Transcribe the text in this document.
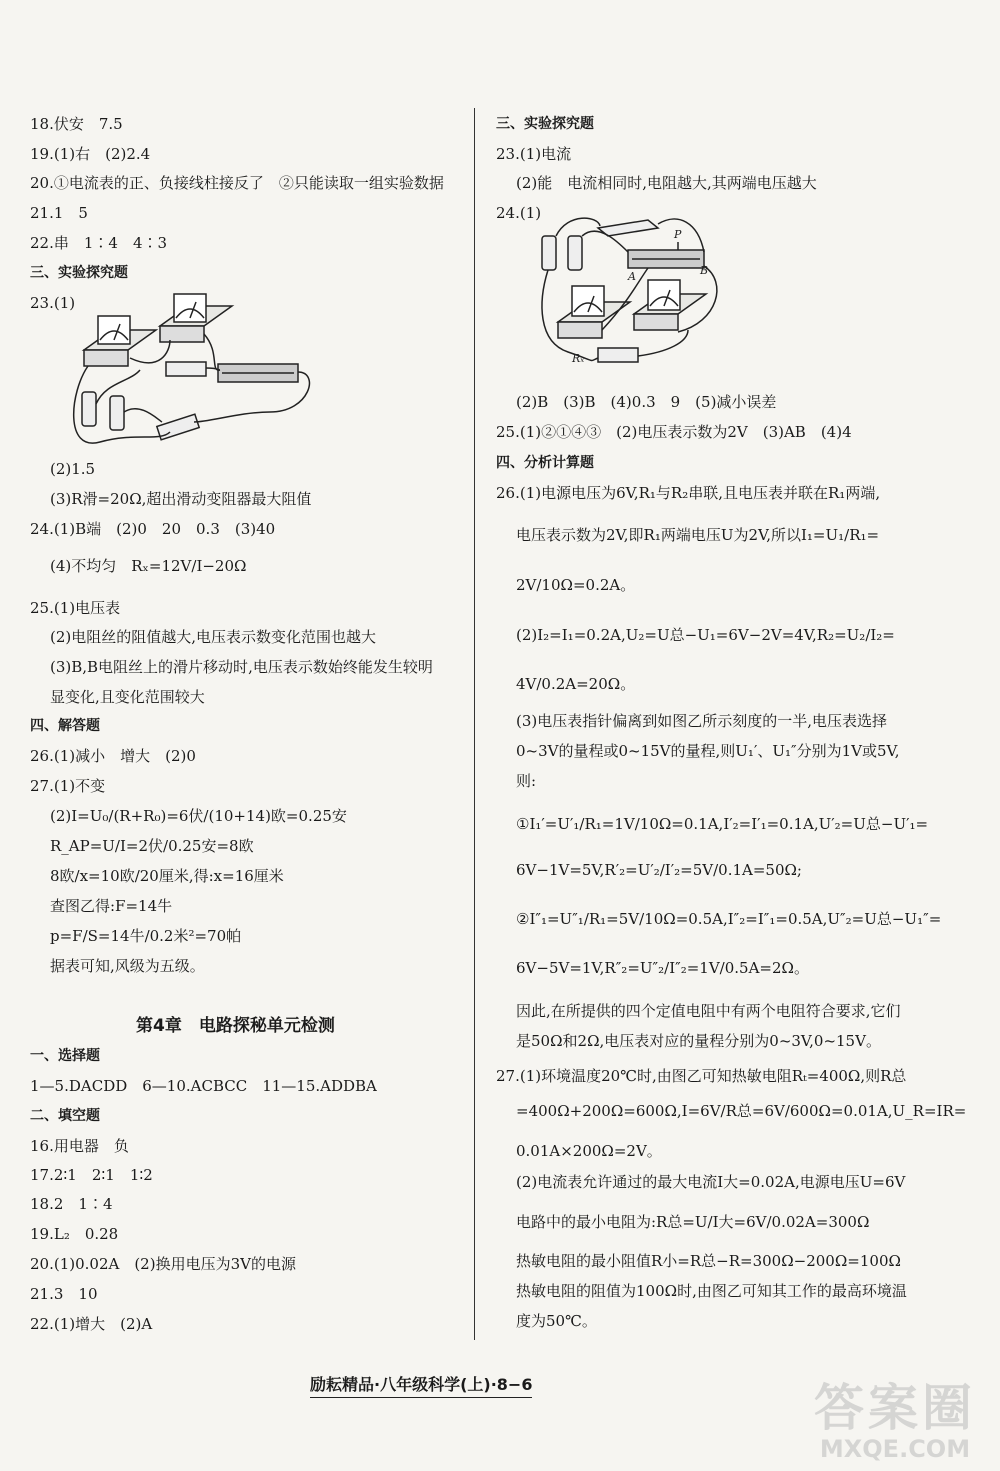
18.伏安　7.5
19.(1)右　(2)2.4
20.①电流表的正、负接线柱接反了　②只能读取一组实验数据
21.1　5
22.串　1∶4　4∶3
三、实验探究题
23.(1)
(2)1.5
(3)R滑=20Ω,超出滑动变阻器最大阻值
24.(1)B端　(2)0　20　0.3　(3)40
(4)不均匀　Rₓ=12V/I−20Ω
25.(1)电压表
(2)电阻丝的阻值越大,电压表示数变化范围也越大
(3)B,B电阻丝上的滑片移动时,电压表示数始终能发生较明
显变化,且变化范围较大
四、解答题
26.(1)减小　增大　(2)0
27.(1)不变
(2)I=U₀/(R+R₀)=6伏/(10+14)欧=0.25安
R_AP=U/I=2伏/0.25安=8欧
8欧/x=10欧/20厘米,得:x=16厘米
查图乙得:F=14牛
p=F/S=14牛/0.2米²=70帕
据表可知,风级为五级。
第4章　电路探秘单元检测
一、选择题
1—5.DACDD　6—10.ACBCC　11—15.ADDBA
二、填空题
16.用电器　负
17.2∶1　2∶1　1∶2
18.2　1∶4
19.L₂　0.28
20.(1)0.02A　(2)换用电压为3V的电源
21.3　10
22.(1)增大　(2)A
三、实验探究题
23.(1)电流
(2)能　电流相同时,电阻越大,其两端电压越大
24.(1)
P
A	B
Rₓ
(2)B　(3)B　(4)0.3　9　(5)减小误差
25.(1)②①④③　(2)电压表示数为2V　(3)AB　(4)4
四、分析计算题
26.(1)电源电压为6V,R₁与R₂串联,且电压表并联在R₁两端,
电压表示数为2V,即R₁两端电压U为2V,所以I₁=U₁/R₁=
2V/10Ω=0.2A。
(2)I₂=I₁=0.2A,U₂=U总−U₁=6V−2V=4V,R₂=U₂/I₂=
4V/0.2A=20Ω。
(3)电压表指针偏离到如图乙所示刻度的一半,电压表选择
0~3V的量程或0~15V的量程,则U₁′、U₁″分别为1V或5V,
则:
①I₁′=U′₁/R₁=1V/10Ω=0.1A,I′₂=I′₁=0.1A,U′₂=U总−U′₁=
6V−1V=5V,R′₂=U′₂/I′₂=5V/0.1A=50Ω;
②I″₁=U″₁/R₁=5V/10Ω=0.5A,I″₂=I″₁=0.5A,U″₂=U总−U₁″=
6V−5V=1V,R″₂=U″₂/I″₂=1V/0.5A=2Ω。
因此,在所提供的四个定值电阻中有两个电阻符合要求,它们
是50Ω和2Ω,电压表对应的量程分别为0~3V,0~15V。
27.(1)环境温度20℃时,由图乙可知热敏电阻Rₜ=400Ω,则R总
=400Ω+200Ω=600Ω,I=6V/R总=6V/600Ω=0.01A,U_R=IR=
0.01A×200Ω=2V。
(2)电流表允许通过的最大电流I大=0.02A,电源电压U=6V
电路中的最小电阻为:R总=U/I大=6V/0.02A=300Ω
热敏电阻的最小阻值R小=R总−R=300Ω−200Ω=100Ω
热敏电阻的阻值为100Ω时,由图乙可知其工作的最高环境温
度为50℃。
励耘精品·八年级科学(上)·8−6	答案圈
MXQE.COM
